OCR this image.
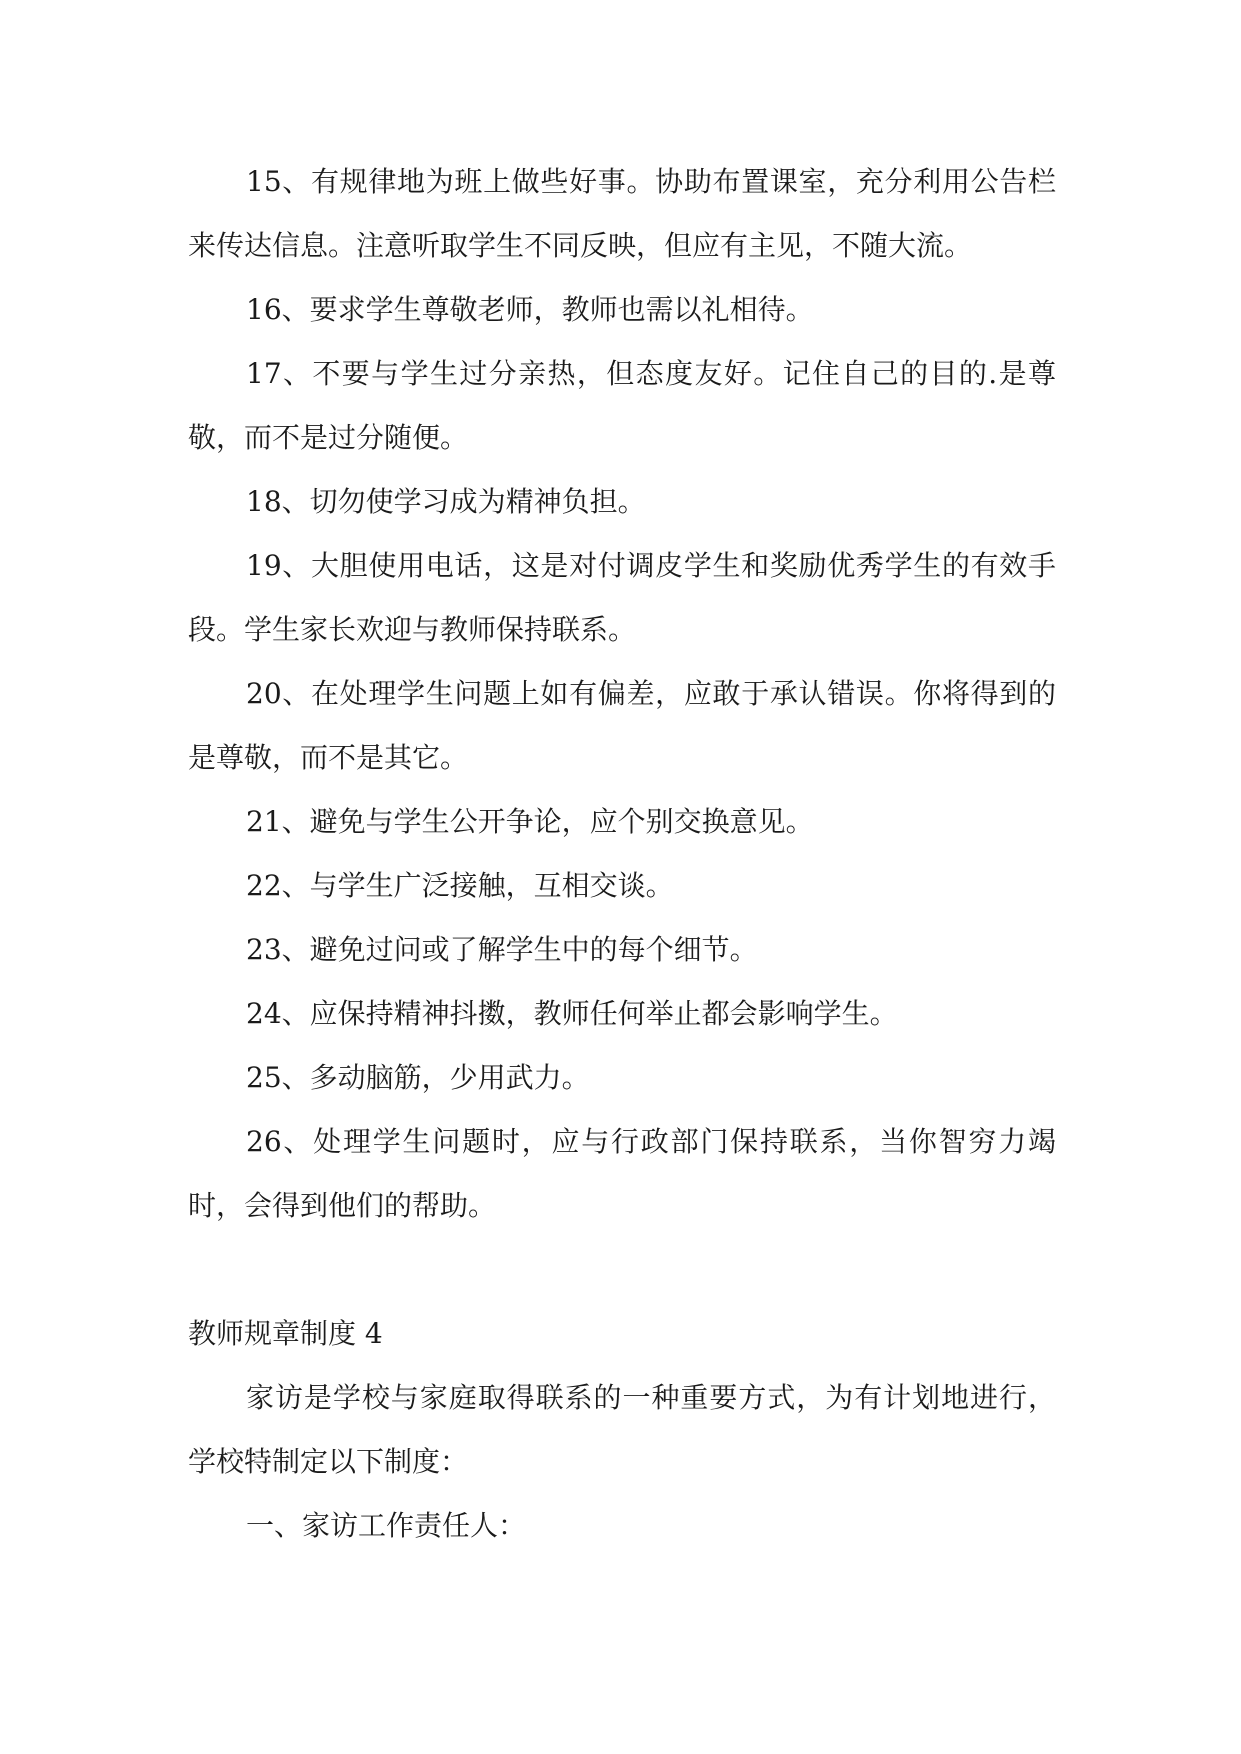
15、有规律地为班上做些好事。协助布置课室，充分利用公告栏来传达信息。注意听取学生不同反映，但应有主见，不随大流。

16、要求学生尊敬老师，教师也需以礼相待。

17、不要与学生过分亲热，但态度友好。记住自己的目的.是尊敬，而不是过分随便。

18、切勿使学习成为精神负担。

19、大胆使用电话，这是对付调皮学生和奖励优秀学生的有效手段。学生家长欢迎与教师保持联系。

20、在处理学生问题上如有偏差，应敢于承认错误。你将得到的是尊敬，而不是其它。

21、避免与学生公开争论，应个别交换意见。

22、与学生广泛接触，互相交谈。

23、避免过问或了解学生中的每个细节。

24、应保持精神抖擞，教师任何举止都会影响学生。

25、多动脑筋，少用武力。

26、处理学生问题时，应与行政部门保持联系，当你智穷力竭时，会得到他们的帮助。

教师规章制度 4

家访是学校与家庭取得联系的一种重要方式，为有计划地进行，学校特制定以下制度：

一、家访工作责任人：
